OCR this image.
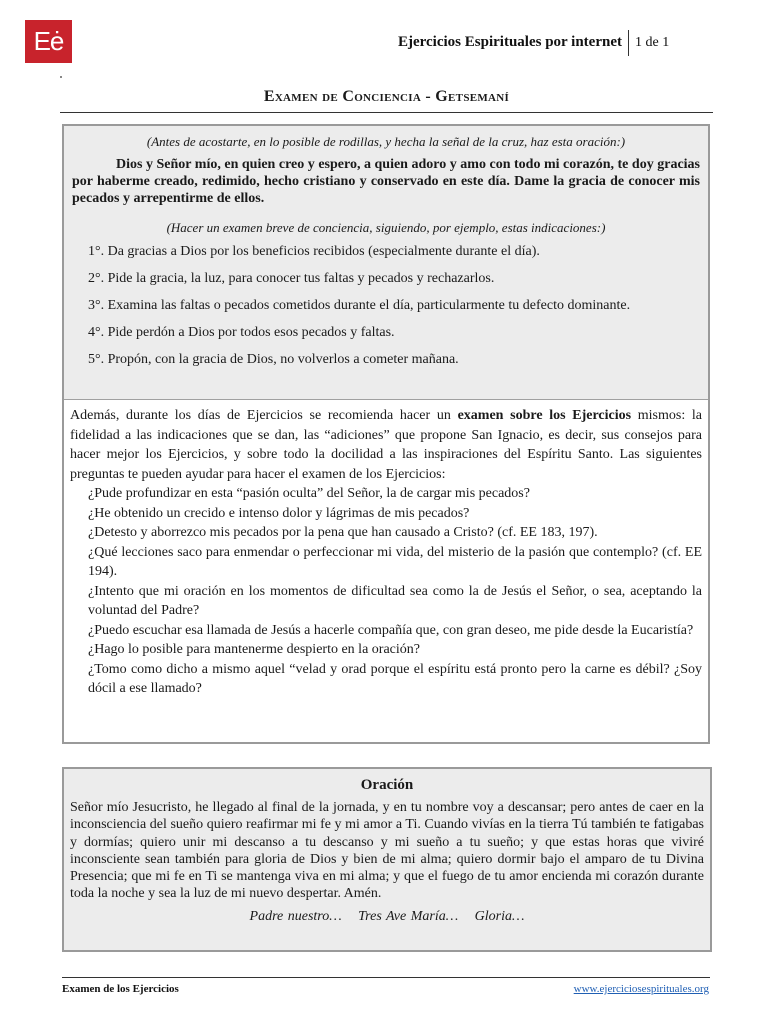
Eė	Ejercicios Espirituales por internet 1 de 1
Examen de Conciencia - Getsemaní

(Antes de acostarte, en lo posible de rodillas, y hecha la señal de la cruz, haz esta oración:)

Dios y Señor mío, en quien creo y espero, a quien adoro y amo con todo mi corazón, te doy gracias por haberme creado, redimido, hecho cristiano y conservado en este día. Dame la gracia de conocer mis pecados y arrepentirme de ellos.

(Hacer un examen breve de conciencia, siguiendo, por ejemplo, estas indicaciones:)

1°. Da gracias a Dios por los beneficios recibidos (especialmente durante el día).
2°. Pide la gracia, la luz, para conocer tus faltas y pecados y rechazarlos.
3°. Examina las faltas o pecados cometidos durante el día, particularmente tu defecto dominante.
4°. Pide perdón a Dios por todos esos pecados y faltas.
5°. Propón, con la gracia de Dios, no volverlos a cometer mañana.

Además, durante los días de Ejercicios se recomienda hacer un examen sobre los Ejercicios mismos: la fidelidad a las indicaciones que se dan, las “adiciones” que propone San Ignacio, es decir, sus consejos para hacer mejor los Ejercicios, y sobre todo la docilidad a las inspiraciones del Espíritu Santo. Las siguientes preguntas te pueden ayudar para hacer el examen de los Ejercicios:

¿Pude profundizar en esta “pasión oculta” del Señor, la de cargar mis pecados?
¿He obtenido un crecido e intenso dolor y lágrimas de mis pecados?
¿Detesto y aborrezco mis pecados por la pena que han causado a Cristo? (cf. EE 183, 197).
¿Qué lecciones saco para enmendar o perfeccionar mi vida, del misterio de la pasión que contemplo? (cf. EE 194).
¿Intento que mi oración en los momentos de dificultad sea como la de Jesús el Señor, o sea, aceptando la voluntad del Padre?
¿Puedo escuchar esa llamada de Jesús a hacerle compañía que, con gran deseo, me pide desde la Eucaristía?
¿Hago lo posible para mantenerme despierto en la oración?
¿Tomo como dicho a mismo aquel “velad y orad porque el espíritu está pronto pero la carne es débil? ¿Soy dócil a ese llamado?

Oración

Señor mío Jesucristo, he llegado al final de la jornada, y en tu nombre voy a descansar; pero antes de caer en la inconsciencia del sueño quiero reafirmar mi fe y mi amor a Ti. Cuando vivías en la tierra Tú también te fatigabas y dormías; quiero unir mi descanso a tu descanso y mi sueño a tu sueño; y que estas horas que viviré inconsciente sean también para gloria de Dios y bien de mi alma; quiero dormir bajo el amparo de tu Divina Presencia; que mi fe en Ti se mantenga viva en mi alma; y que el fuego de tu amor encienda mi corazón durante toda la noche y sea la luz de mi nuevo despertar. Amén.

Padre nuestro… Tres Ave María… Gloria…

Examen de los Ejercicios	www.ejerciciosespirituales.org
